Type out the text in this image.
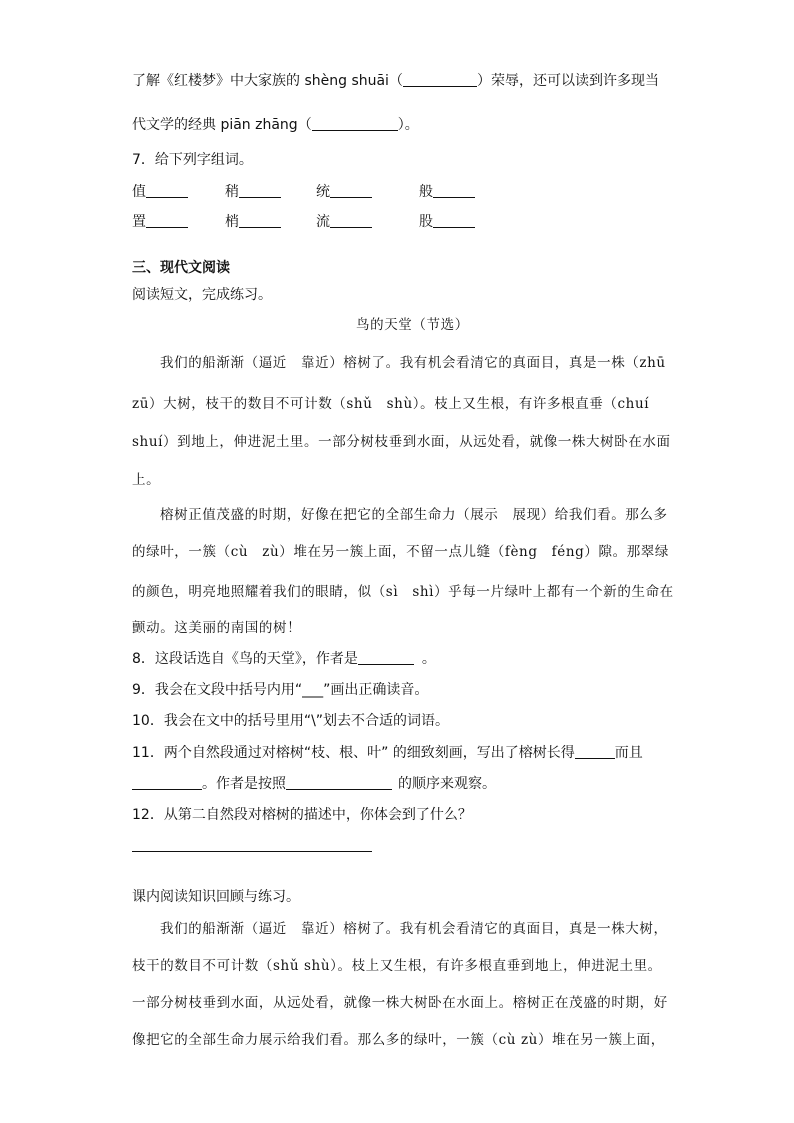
了解《红楼梦》中大家族的 shèng shuāi（	）荣辱，还可以读到许多现当
代文学的经典 piān zhāng（	）。
7．给下列字组词。
值	稍	统	般
置	梢	流	股
三、现代文阅读
阅读短文，完成练习。
鸟的天堂（节选）
我们的船渐渐（逼近　靠近）榕树了。我有机会看清它的真面目，真是一株（zhū
zū）大树，枝干的数目不可计数（shǔ　shù）。枝上又生根，有许多根直垂（chuí
shuí）到地上，伸进泥土里。一部分树枝垂到水面，从远处看，就像一株大树卧在水面
上。
榕树正值茂盛的时期，好像在把它的全部生命力（展示　展现）给我们看。那么多
的绿叶，一簇（cù　zù）堆在另一簇上面，不留一点儿缝（fèng　féng）隙。那翠绿
的颜色，明亮地照耀着我们的眼睛，似（sì　shì）乎每一片绿叶上都有一个新的生命在
颤动。这美丽的南国的树！
8．这段话选自《鸟的天堂》，作者是	。
9．我会在文段中括号内用“___”画出正确读音。
10．我会在文中的括号里用“\”划去不合适的词语。
11．两个自然段通过对榕树“枝、根、叶” 的细致刻画，写出了榕树长得	而且
。作者是按照	的顺序来观察。
12．从第二自然段对榕树的描述中，你体会到了什么？
课内阅读知识回顾与练习。
我们的船渐渐（逼近　靠近）榕树了。我有机会看清它的真面目，真是一株大树，
枝干的数目不可计数（shǔ shù）。枝上又生根，有许多根直垂到地上，伸进泥土里。
一部分树枝垂到水面，从远处看，就像一株大树卧在水面上。榕树正在茂盛的时期，好
像把它的全部生命力展示给我们看。那么多的绿叶，一簇（cù zù）堆在另一簇上面，
